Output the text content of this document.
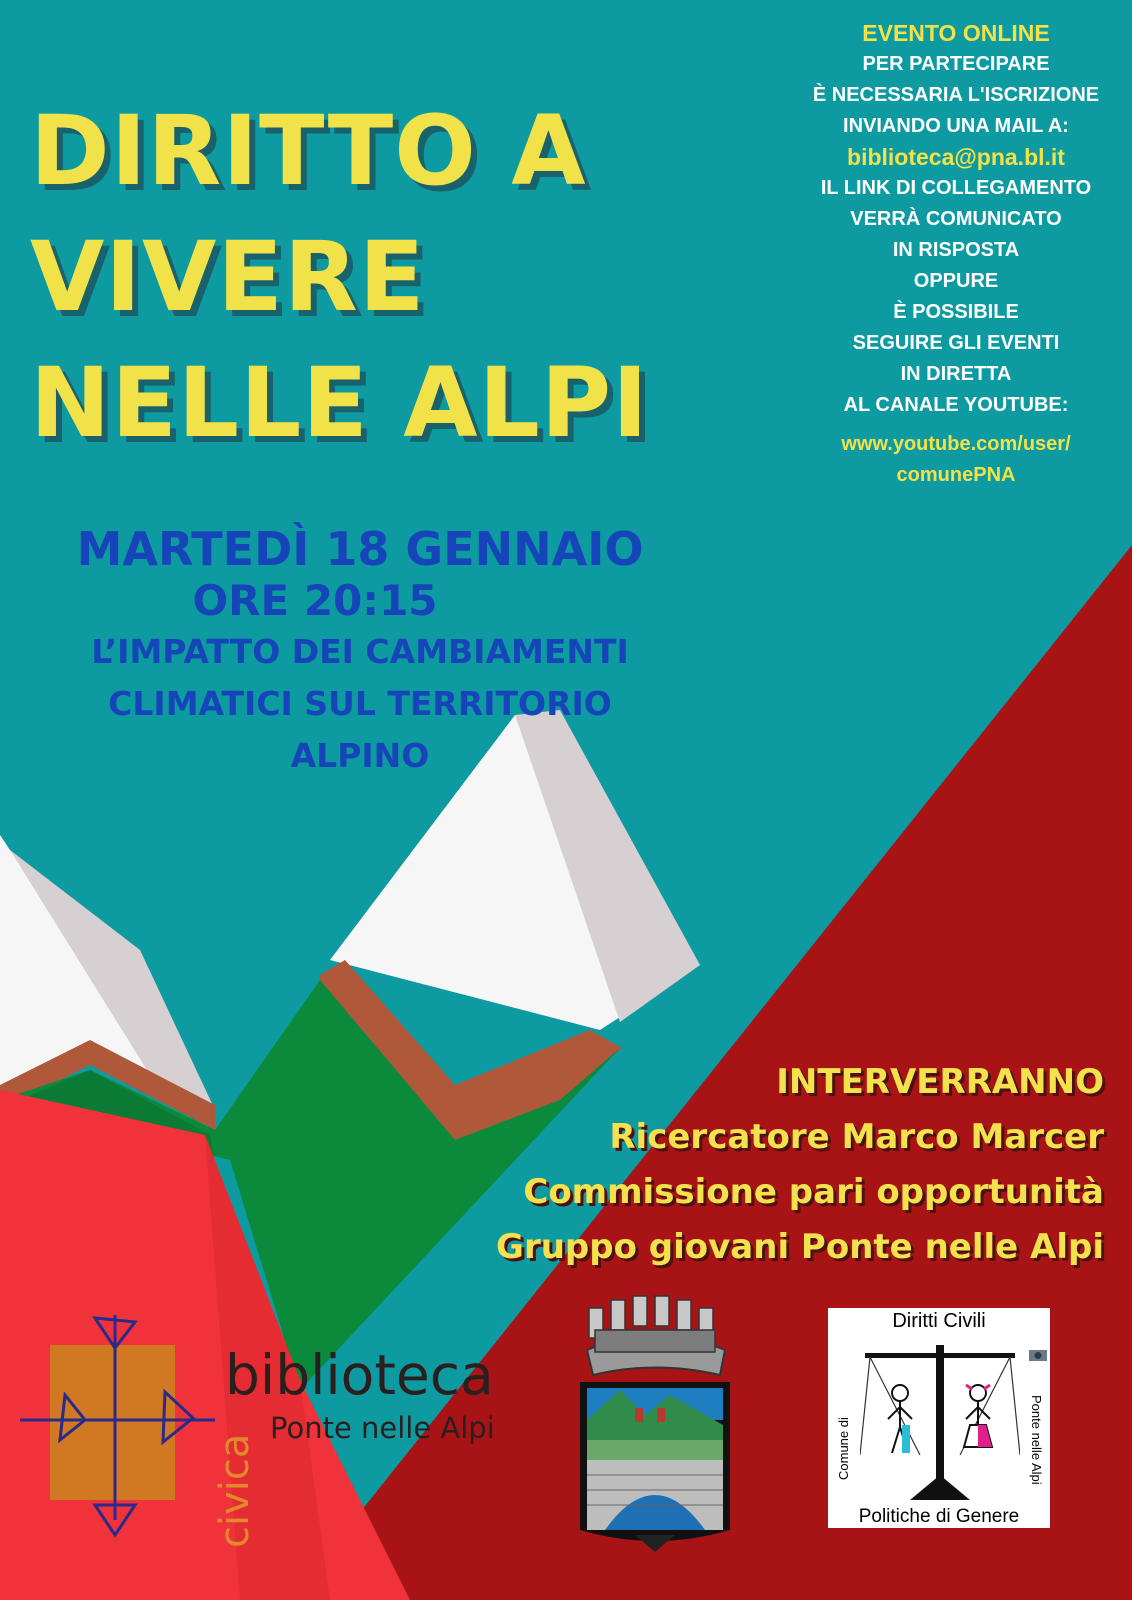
DIRITTO A
VIVERE
NELLE ALPI
EVENTO ONLINE
PER PARTECIPARE
È NECESSARIA L'ISCRIZIONE
INVIANDO UNA MAIL A:
biblioteca@pna.bl.it
IL LINK DI COLLEGAMENTO
VERRÀ COMUNICATO
IN RISPOSTA
OPPURE
È POSSIBILE
SEGUIRE GLI EVENTI
IN DIRETTA
AL CANALE YOUTUBE:
www.youtube.com/user/
comunePNA
MARTEDÌ 18 GENNAIO
ORE 20:15
L’IMPATTO DEI CAMBIAMENTI
CLIMATICI SUL TERRITORIO
ALPINO
INTERVERRANNO
Ricercatore Marco Marcer
Commissione pari opportunità
Gruppo giovani Ponte nelle Alpi
biblioteca
Ponte nelle Alpi
civica
Diritti Civili
Politiche di Genere
Comune di	Ponte nelle Alpi
